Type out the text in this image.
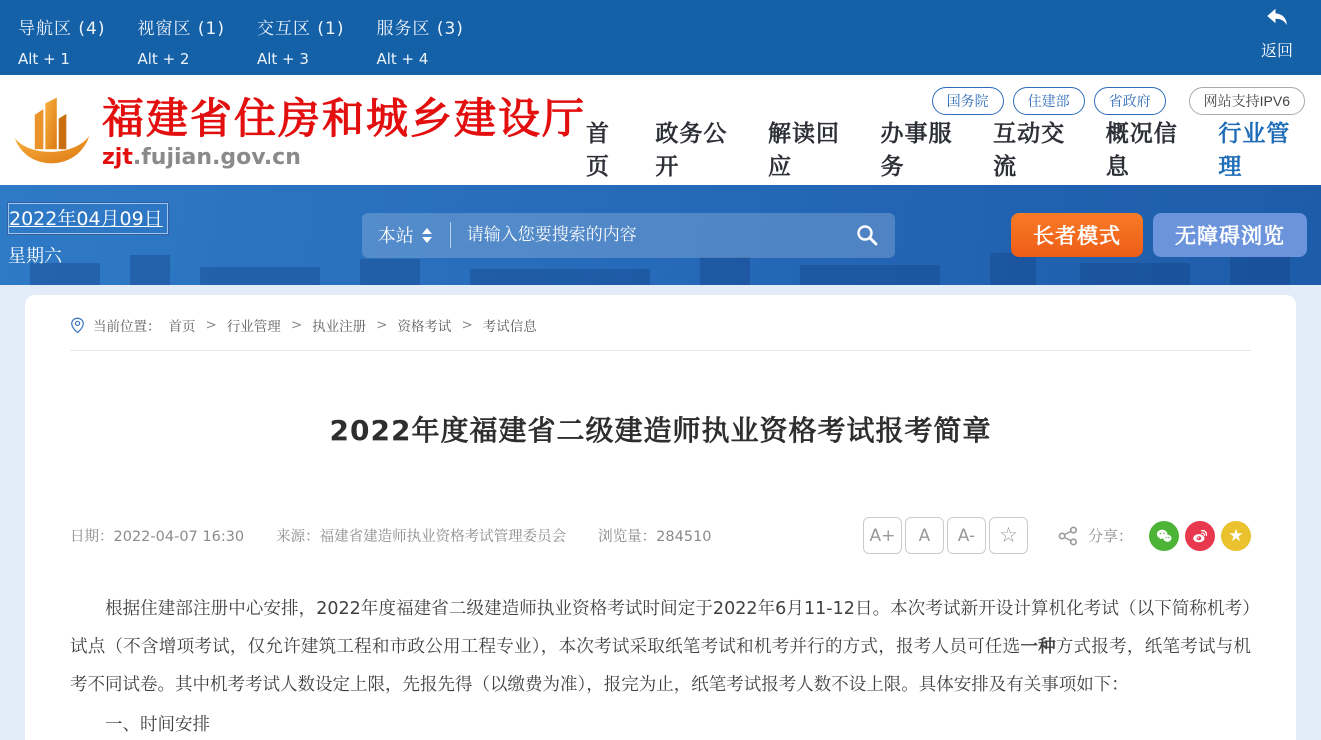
导航区 (4)
Alt + 1
视窗区 (1)
Alt + 2
交互区 (1)
Alt + 3
服务区 (3)
Alt + 4	返回
福建省住房和城乡建设厅
zjt.fujian.gov.cn
国务院	住建部	省政府	网站支持IPV6
首页
政务公开
解读回应
办事服务
互动交流
概况信息
行业管理
2022年04月09日
星期六
本站
请输入您要搜索的内容	长者模式	无障碍浏览
当前位置： 首页 > 行业管理 > 执业注册 > 资格考试 > 考试信息
2022年度福建省二级建造师执业资格考试报考简章
日期：2022-04-07 16:30 来源：福建省建造师执业资格考试管理委员会 浏览量：284510	A+	A	A-	☆	分享：	★

根据住建部注册中心安排，2022年度福建省二级建造师执业资格考试时间定于2022年6月11-12日。本次考试新开设计算机化考试（以下简称机考）试点（不含增项考试，仅允许建筑工程和市政公用工程专业），本次考试采取纸笔考试和机考并行的方式，报考人员可任选一种方式报考，纸笔考试与机考不同试卷。其中机考考试人数设定上限，先报先得（以缴费为准），报完为止，纸笔考试报考人数不设上限。具体安排及有关事项如下：

一、时间安排
